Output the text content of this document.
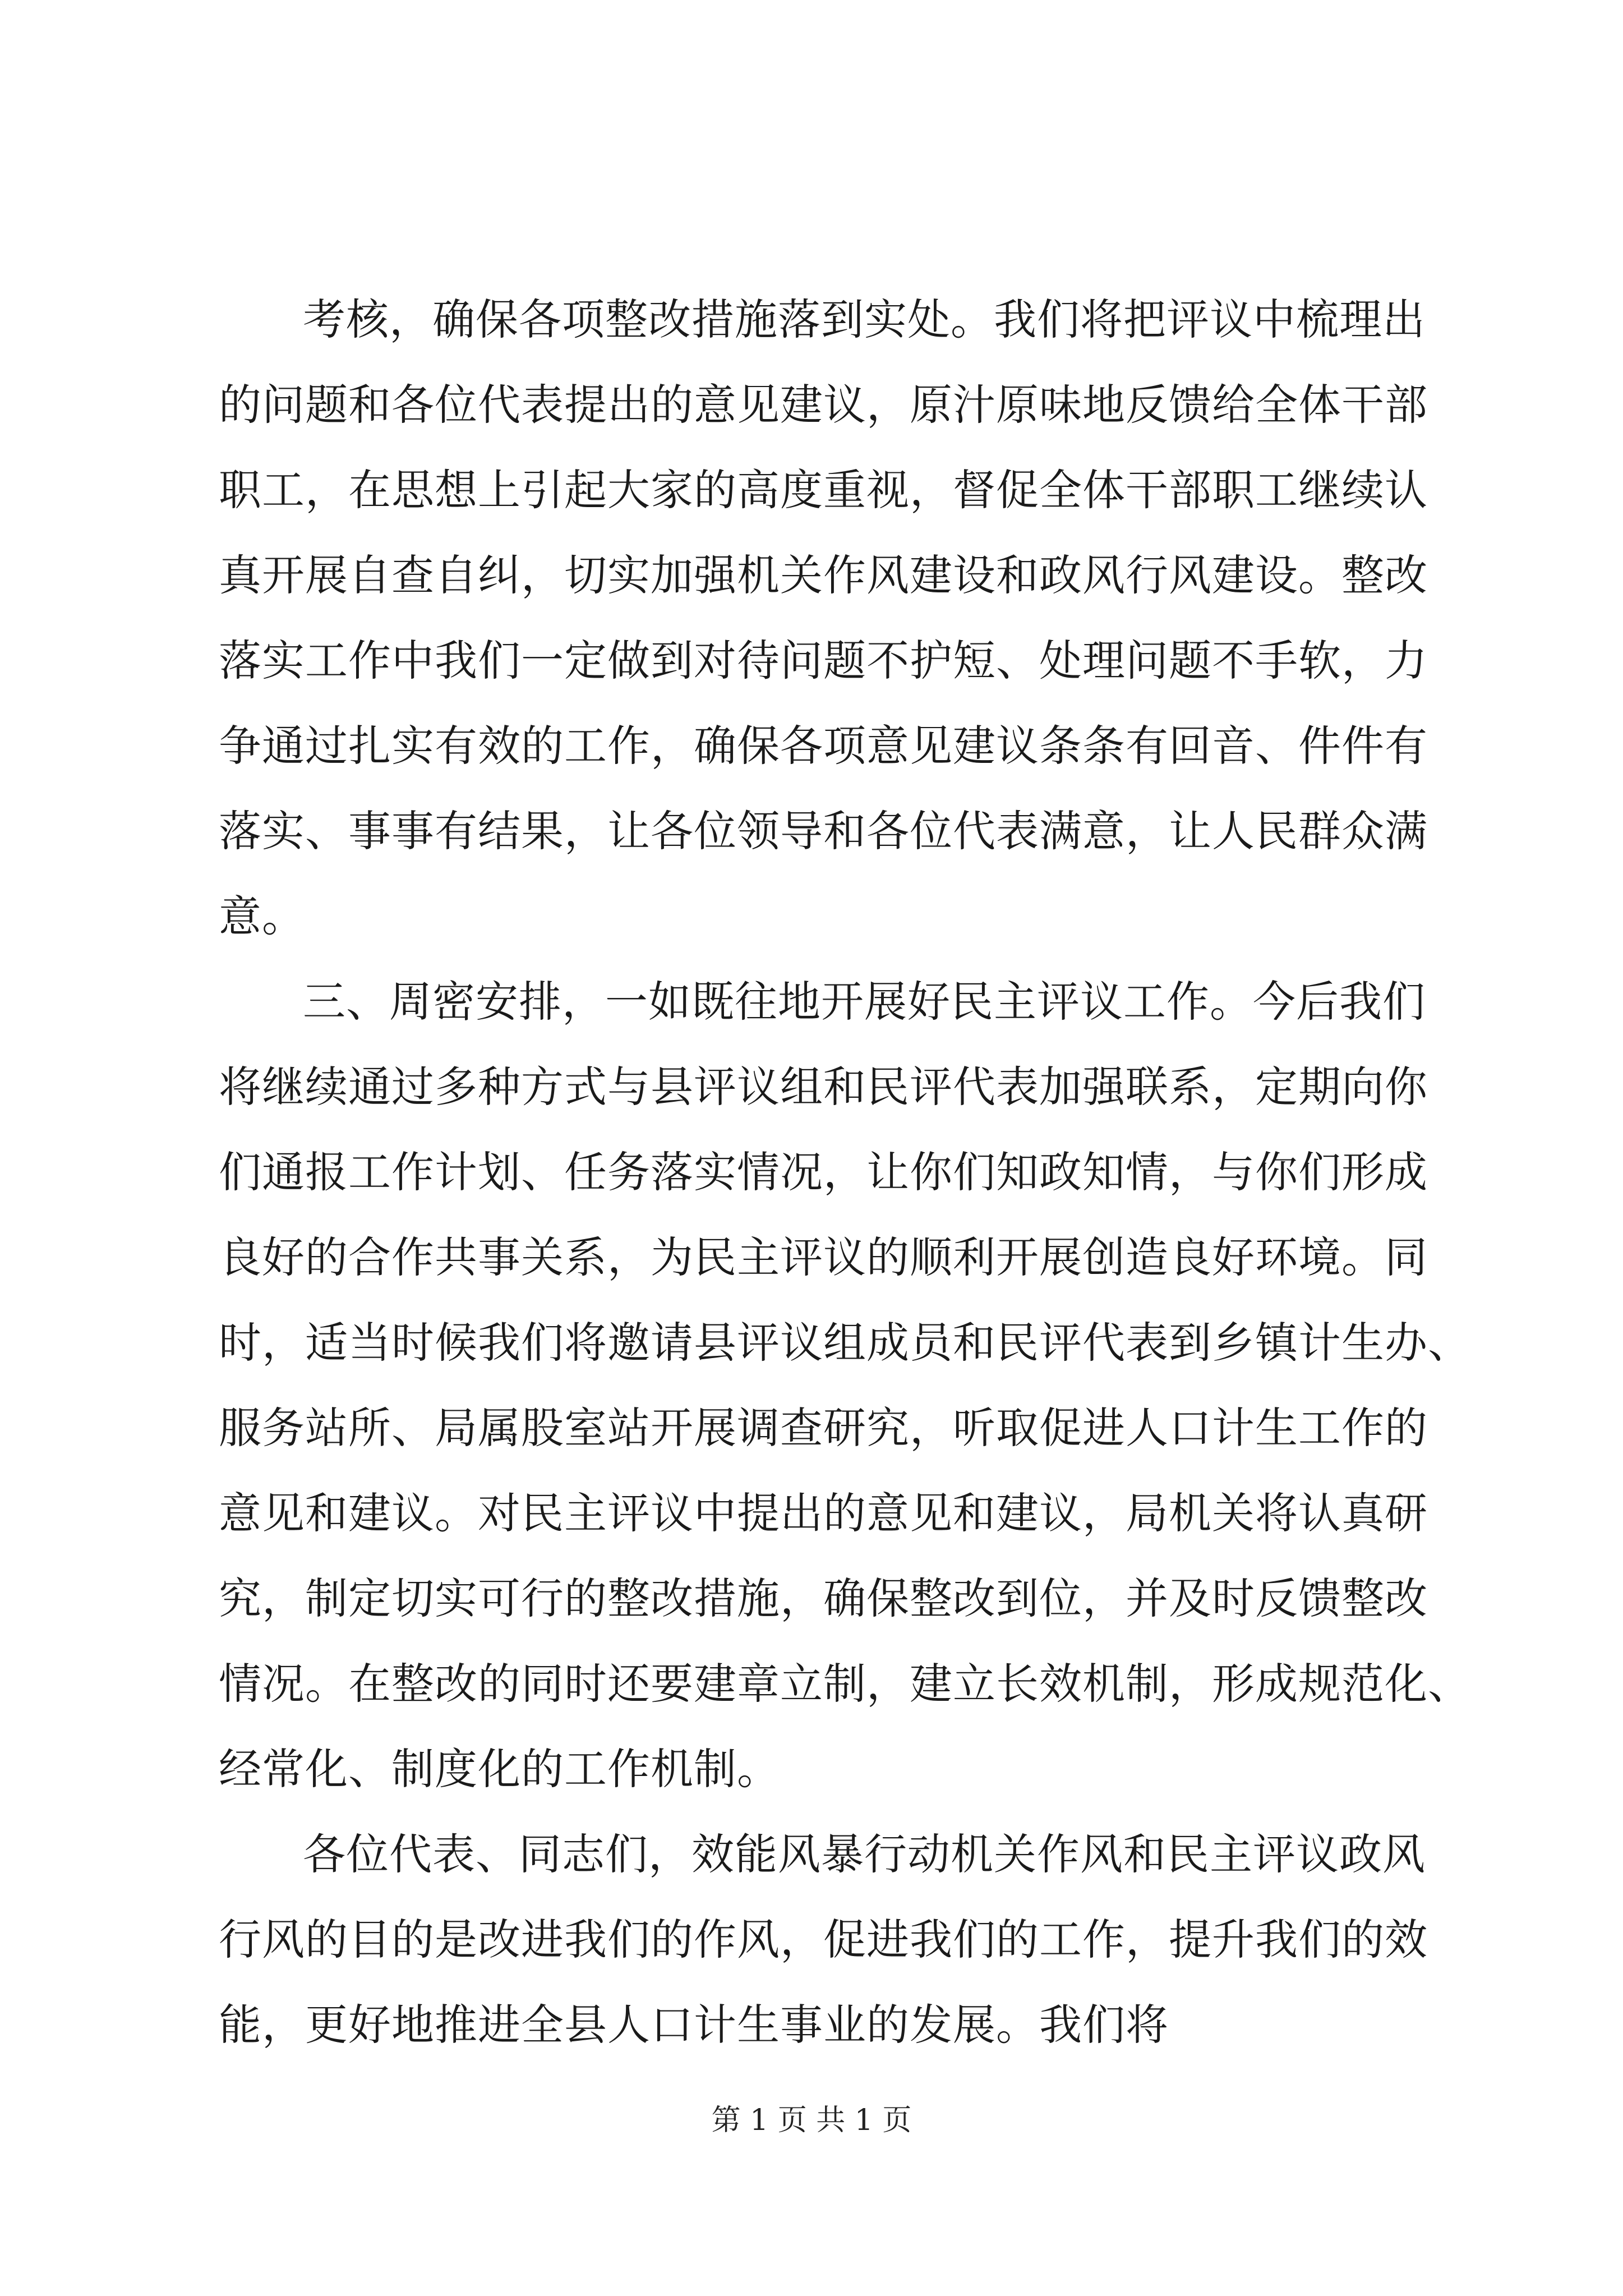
考核，确保各项整改措施落到实处。我们将把评议中梳理出
的问题和各位代表提出的意见建议，原汁原味地反馈给全体干部
职工，在思想上引起大家的高度重视，督促全体干部职工继续认
真开展自查自纠，切实加强机关作风建设和政风行风建设。整改
落实工作中我们一定做到对待问题不护短、处理问题不手软，力
争通过扎实有效的工作，确保各项意见建议条条有回音、件件有
落实、事事有结果，让各位领导和各位代表满意，让人民群众满
意。
三、周密安排，一如既往地开展好民主评议工作。今后我们
将继续通过多种方式与县评议组和民评代表加强联系，定期向你
们通报工作计划、任务落实情况，让你们知政知情，与你们形成
良好的合作共事关系，为民主评议的顺利开展创造良好环境。同
时，适当时候我们将邀请县评议组成员和民评代表到乡镇计生办、
服务站所、局属股室站开展调查研究，听取促进人口计生工作的
意见和建议。对民主评议中提出的意见和建议，局机关将认真研
究，制定切实可行的整改措施，确保整改到位，并及时反馈整改
情况。在整改的同时还要建章立制，建立长效机制，形成规范化、
经常化、制度化的工作机制。
各位代表、同志们，效能风暴行动机关作风和民主评议政风
行风的目的是改进我们的作风，促进我们的工作，提升我们的效
能，更好地推进全县人口计生事业的发展。我们将
第 1 页 共 1 页
